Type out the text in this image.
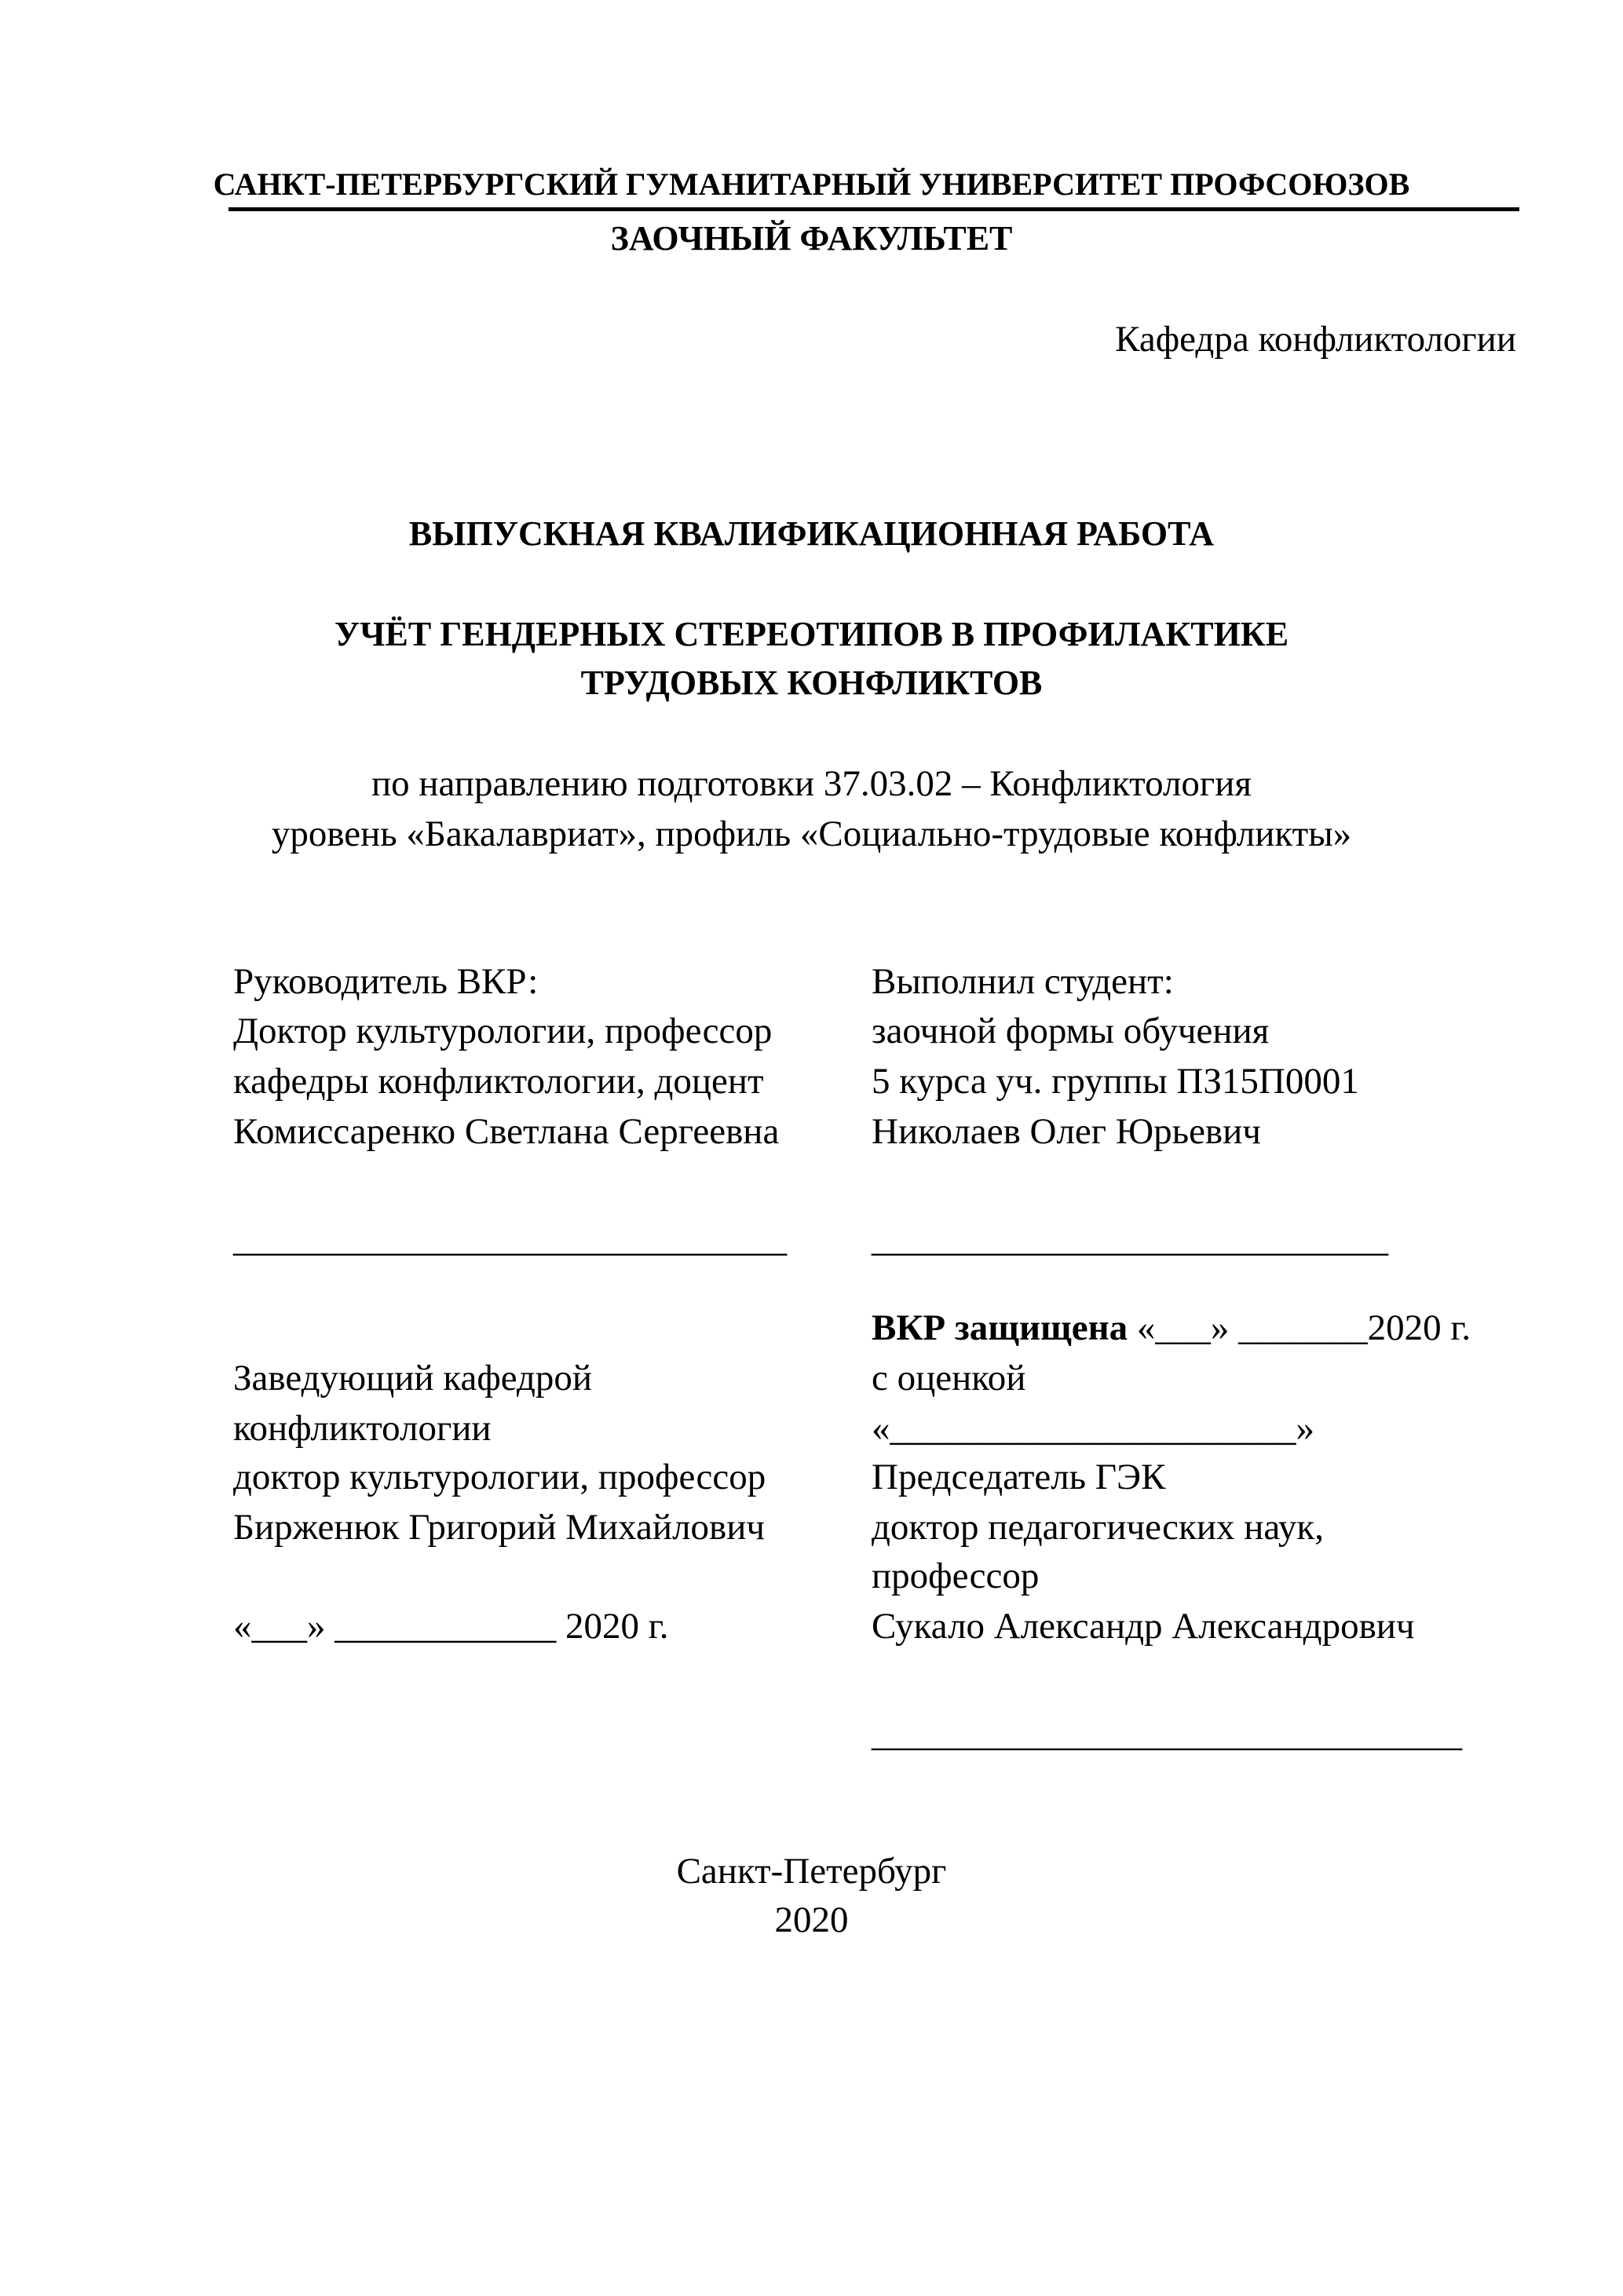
САНКТ-ПЕТЕРБУРГСКИЙ ГУМАНИТАРНЫЙ УНИВЕРСИТЕТ ПРОФСОЮЗОВ
ЗАОЧНЫЙ ФАКУЛЬТЕТ
Кафедра конфликтологии
ВЫПУСКНАЯ КВАЛИФИКАЦИОННАЯ РАБОТА
УЧЁТ ГЕНДЕРНЫХ СТЕРЕОТИПОВ В ПРОФИЛАКТИКЕ
ТРУДОВЫХ КОНФЛИКТОВ
по направлению подготовки 37.03.02 – Конфликтология
уровень «Бакалавриат», профиль «Социально-трудовые конфликты»
Руководитель ВКР:
Доктор культурологии, профессор
кафедры конфликтологии, доцент
Комиссаренко Светлана Сергеевна
______________________________
Выполнил студент:
заочной формы обучения
5 курса уч. группы ПЗ15П0001
Николаев Олег Юрьевич
____________________________
ВКР защищена «___» _______2020 г.
с оценкой
«______________________»
Председатель ГЭК
доктор педагогических наук,
профессор
Сукало Александр Александрович
________________________________
Заведующий кафедрой
конфликтологии
доктор культурологии, профессор
Бирженюк Григорий Михайлович
«___» ____________ 2020 г.
Санкт-Петербург
2020
